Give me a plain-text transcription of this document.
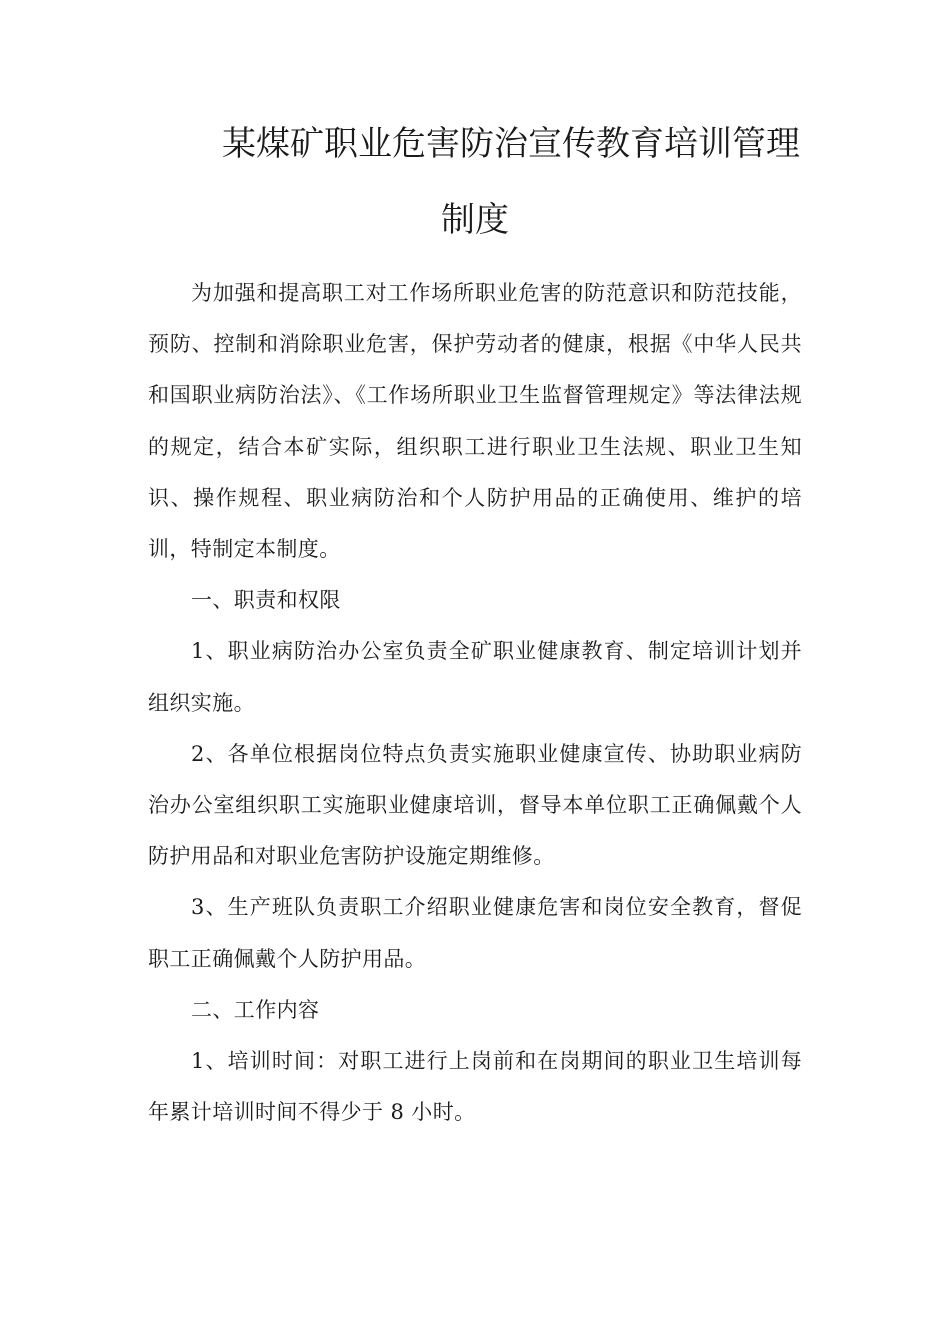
某煤矿职业危害防治宣传教育培训管理
制度

为加强和提高职工对工作场所职业危害的防范意识和防范技能，预防、控制和消除职业危害，保护劳动者的健康，根据《中华人民共和国职业病防治法》、《工作场所职业卫生监督管理规定》等法律法规的规定，结合本矿实际，组织职工进行职业卫生法规、职业卫生知识、操作规程、职业病防治和个人防护用品的正确使用、维护的培训，特制定本制度。

一、职责和权限

1、职业病防治办公室负责全矿职业健康教育、制定培训计划并组织实施。

2、各单位根据岗位特点负责实施职业健康宣传、协助职业病防治办公室组织职工实施职业健康培训，督导本单位职工正确佩戴个人防护用品和对职业危害防护设施定期维修。

3、生产班队负责职工介绍职业健康危害和岗位安全教育，督促职工正确佩戴个人防护用品。

二、工作内容

1、培训时间：对职工进行上岗前和在岗期间的职业卫生培训每年累计培训时间不得少于 8 小时。
